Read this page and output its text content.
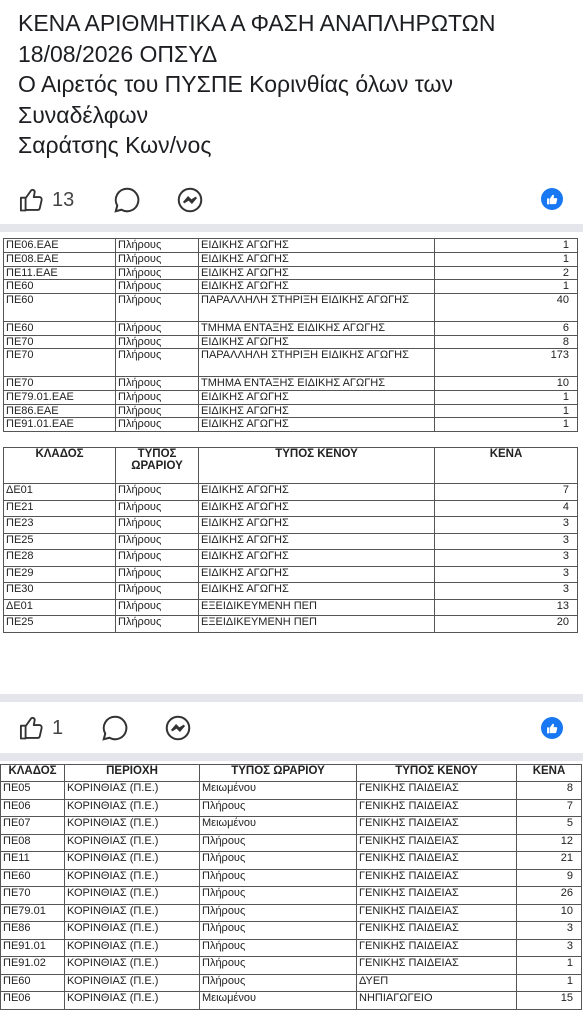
ΚΕΝΑ ΑΡΙΘΜΗΤΙΚΑ Α ΦΑΣΗ ΑΝΑΠΛΗΡΩΤΩΝ
18/08/2026 ΟΠΣΥΔ
Ο Αιρετός του ΠΥΣΠΕ Κορινθίας όλων των
Συναδέλφων
Σαράτσης Κων/νος
13
ΠΕ06.ΕΑΕ	Πλήρους	ΕΙΔΙΚΗΣ ΑΓΩΓΗΣ	1
ΠΕ08.ΕΑΕ	Πλήρους	ΕΙΔΙΚΗΣ ΑΓΩΓΗΣ	1
ΠΕ11.ΕΑΕ	Πλήρους	ΕΙΔΙΚΗΣ ΑΓΩΓΗΣ	2
ΠΕ60	Πλήρους	ΕΙΔΙΚΗΣ ΑΓΩΓΗΣ	1
ΠΕ60	Πλήρους	ΠΑΡΑΛΛΗΛΗ ΣΤΗΡΙΞΗ ΕΙΔΙΚΗΣ ΑΓΩΓΗΣ	40
ΠΕ60	Πλήρους	ΤΜΗΜΑ ΕΝΤΑΞΗΣ ΕΙΔΙΚΗΣ ΑΓΩΓΗΣ	6
ΠΕ70	Πλήρους	ΕΙΔΙΚΗΣ ΑΓΩΓΗΣ	8
ΠΕ70	Πλήρους	ΠΑΡΑΛΛΗΛΗ ΣΤΗΡΙΞΗ ΕΙΔΙΚΗΣ ΑΓΩΓΗΣ	173
ΠΕ70	Πλήρους	ΤΜΗΜΑ ΕΝΤΑΞΗΣ ΕΙΔΙΚΗΣ ΑΓΩΓΗΣ	10
ΠΕ79.01.ΕΑΕ	Πλήρους	ΕΙΔΙΚΗΣ ΑΓΩΓΗΣ	1
ΠΕ86.ΕΑΕ	Πλήρους	ΕΙΔΙΚΗΣ ΑΓΩΓΗΣ	1
ΠΕ91.01.ΕΑΕ	Πλήρους	ΕΙΔΙΚΗΣ ΑΓΩΓΗΣ	1
ΚΛΑΔΟΣ	ΤΥΠΟΣ ΩΡΑΡΙΟΥ	ΤΥΠΟΣ ΚΕΝΟΥ	ΚΕΝΑ
ΔΕ01	Πλήρους	ΕΙΔΙΚΗΣ ΑΓΩΓΗΣ	7
ΠΕ21	Πλήρους	ΕΙΔΙΚΗΣ ΑΓΩΓΗΣ	4
ΠΕ23	Πλήρους	ΕΙΔΙΚΗΣ ΑΓΩΓΗΣ	3
ΠΕ25	Πλήρους	ΕΙΔΙΚΗΣ ΑΓΩΓΗΣ	3
ΠΕ28	Πλήρους	ΕΙΔΙΚΗΣ ΑΓΩΓΗΣ	3
ΠΕ29	Πλήρους	ΕΙΔΙΚΗΣ ΑΓΩΓΗΣ	3
ΠΕ30	Πλήρους	ΕΙΔΙΚΗΣ ΑΓΩΓΗΣ	3
ΔΕ01	Πλήρους	ΕΞΕΙΔΙΚΕΥΜΕΝΗ ΠΕΠ	13
ΠΕ25	Πλήρους	ΕΞΕΙΔΙΚΕΥΜΕΝΗ ΠΕΠ	20
1
ΚΛΑΔΟΣ	ΠΕΡΙΟΧΗ	ΤΥΠΟΣ ΩΡΑΡΙΟΥ	ΤΥΠΟΣ ΚΕΝΟΥ	ΚΕΝΑ
ΠΕ05	ΚΟΡΙΝΘΙΑΣ (Π.Ε.)	Μειωμένου	ΓΕΝΙΚΗΣ ΠΑΙΔΕΙΑΣ	8
ΠΕ06	ΚΟΡΙΝΘΙΑΣ (Π.Ε.)	Πλήρους	ΓΕΝΙΚΗΣ ΠΑΙΔΕΙΑΣ	7
ΠΕ07	ΚΟΡΙΝΘΙΑΣ (Π.Ε.)	Μειωμένου	ΓΕΝΙΚΗΣ ΠΑΙΔΕΙΑΣ	5
ΠΕ08	ΚΟΡΙΝΘΙΑΣ (Π.Ε.)	Πλήρους	ΓΕΝΙΚΗΣ ΠΑΙΔΕΙΑΣ	12
ΠΕ11	ΚΟΡΙΝΘΙΑΣ (Π.Ε.)	Πλήρους	ΓΕΝΙΚΗΣ ΠΑΙΔΕΙΑΣ	21
ΠΕ60	ΚΟΡΙΝΘΙΑΣ (Π.Ε.)	Πλήρους	ΓΕΝΙΚΗΣ ΠΑΙΔΕΙΑΣ	9
ΠΕ70	ΚΟΡΙΝΘΙΑΣ (Π.Ε.)	Πλήρους	ΓΕΝΙΚΗΣ ΠΑΙΔΕΙΑΣ	26
ΠΕ79.01	ΚΟΡΙΝΘΙΑΣ (Π.Ε.)	Πλήρους	ΓΕΝΙΚΗΣ ΠΑΙΔΕΙΑΣ	10
ΠΕ86	ΚΟΡΙΝΘΙΑΣ (Π.Ε.)	Πλήρους	ΓΕΝΙΚΗΣ ΠΑΙΔΕΙΑΣ	3
ΠΕ91.01	ΚΟΡΙΝΘΙΑΣ (Π.Ε.)	Πλήρους	ΓΕΝΙΚΗΣ ΠΑΙΔΕΙΑΣ	3
ΠΕ91.02	ΚΟΡΙΝΘΙΑΣ (Π.Ε.)	Πλήρους	ΓΕΝΙΚΗΣ ΠΑΙΔΕΙΑΣ	1
ΠΕ60	ΚΟΡΙΝΘΙΑΣ (Π.Ε.)	Πλήρους	ΔΥΕΠ	1
ΠΕ06	ΚΟΡΙΝΘΙΑΣ (Π.Ε.)	Μειωμένου	ΝΗΠΙΑΓΩΓΕΙΟ	15
